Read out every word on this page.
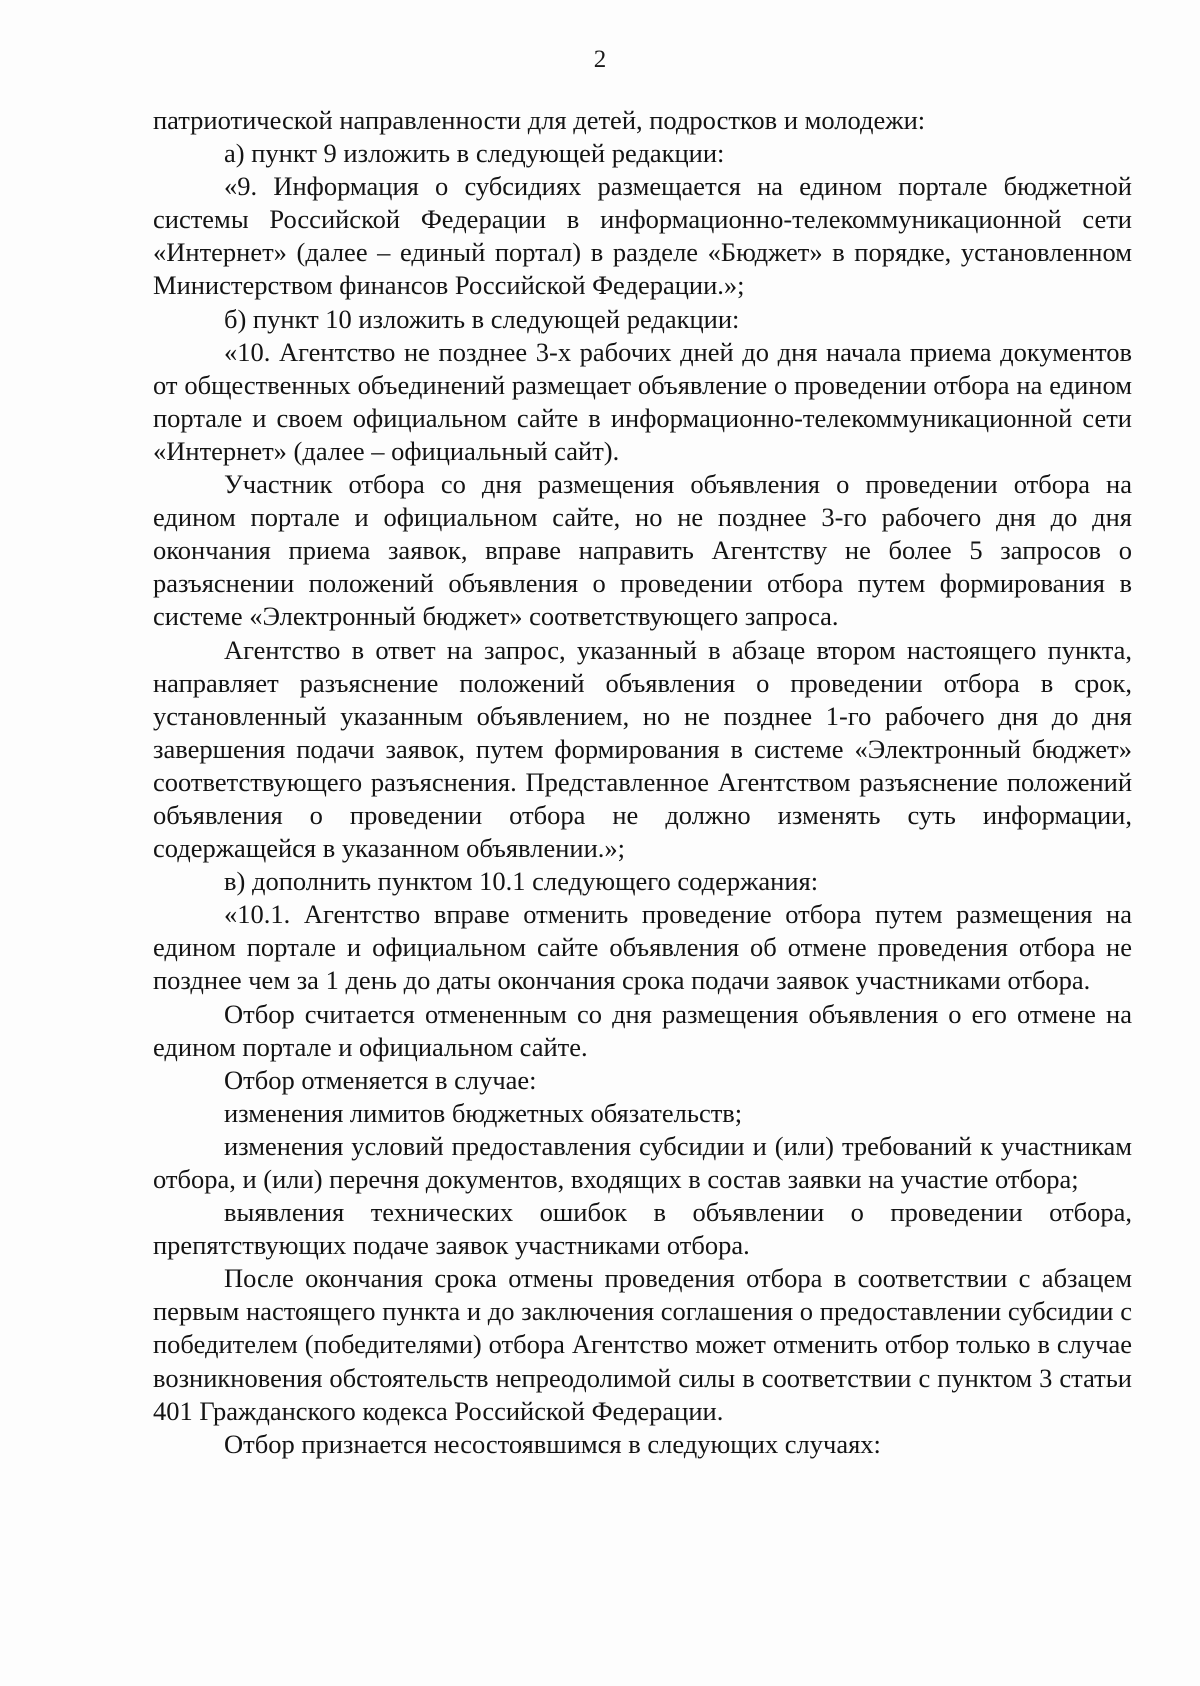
2

патриотической направленности для детей, подростков и молодежи:

а) пункт 9 изложить в следующей редакции:

«9. Информация о субсидиях размещается на едином портале бюджетной системы Российской Федерации в информационно-телекоммуникационной сети «Интернет» (далее – единый портал) в разделе «Бюджет» в порядке, установленном Министерством финансов Российской Федерации.»;

б) пункт 10 изложить в следующей редакции:

«10. Агентство не позднее 3-х рабочих дней до дня начала приема документов от общественных объединений размещает объявление о проведении отбора на едином портале и своем официальном сайте в информационно-телекоммуникационной сети «Интернет» (далее – официальный сайт).

Участник отбора со дня размещения объявления о проведении отбора на едином портале и официальном сайте, но не позднее 3-го рабочего дня до дня окончания приема заявок, вправе направить Агентству не более 5 запросов о разъяснении положений объявления о проведении отбора путем формирования в системе «Электронный бюджет» соответствующего запроса.

Агентство в ответ на запрос, указанный в абзаце втором настоящего пункта, направляет разъяснение положений объявления о проведении отбора в срок, установленный указанным объявлением, но не позднее 1-го рабочего дня до дня завершения подачи заявок, путем формирования в системе «Электронный бюджет» соответствующего разъяснения. Представленное Агентством разъяснение положений объявления о проведении отбора не должно изменять суть информации, содержащейся в указанном объявлении.»;

в) дополнить пунктом 10.1 следующего содержания:

«10.1. Агентство вправе отменить проведение отбора путем размещения на едином портале и официальном сайте объявления об отмене проведения отбора не позднее чем за 1 день до даты окончания срока подачи заявок участниками отбора.

Отбор считается отмененным со дня размещения объявления о его отмене на едином портале и официальном сайте.

Отбор отменяется в случае:

изменения лимитов бюджетных обязательств;

изменения условий предоставления субсидии и (или) требований к участникам отбора, и (или) перечня документов, входящих в состав заявки на участие отбора;

выявления технических ошибок в объявлении о проведении отбора, препятствующих подаче заявок участниками отбора.

После окончания срока отмены проведения отбора в соответствии с абзацем первым настоящего пункта и до заключения соглашения о предоставлении субсидии с победителем (победителями) отбора Агентство может отменить отбор только в случае возникновения обстоятельств непреодолимой силы в соответствии с пунктом 3 статьи 401 Гражданского кодекса Российской Федерации.

Отбор признается несостоявшимся в следующих случаях:
